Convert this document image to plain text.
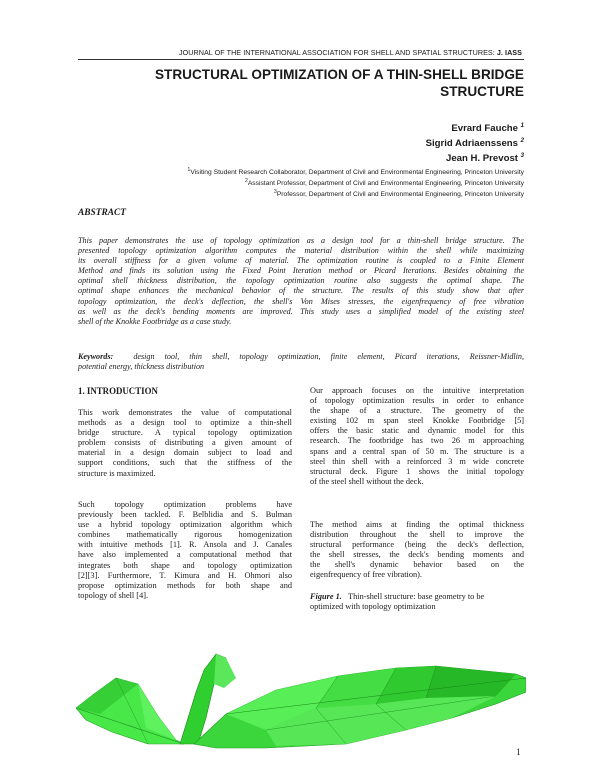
JOURNAL OF THE INTERNATIONAL ASSOCIATION FOR SHELL AND SPATIAL STRUCTURES: J. IASS
STRUCTURAL OPTIMIZATION OF A THIN-SHELL BRIDGE
STRUCTURE
Evrard Fauche $^1$
Sigrid Adriaenssens $^2$
Jean H. Prevost $^3$
$^1$Visiting Student Research Collaborator, Department of Civil and Environmental Engineering, Princeton University
$^2$Assistant Professor, Department of Civil and Environmental Engineering, Princeton University
$^3$Professor, Department of Civil and Environmental Engineering, Princeton University
ABSTRACT
This paper demonstrates the use of topology optimization as a design tool for a thin-shell bridge structure. The
presented topology optimization algorithm computes the material distribution within the shell while maximizing
its overall stiffness for a given volume of material. The optimization routine is coupled to a Finite Element
Method and finds its solution using the Fixed Point Iteration method or Picard Iterations. Besides obtaining the
optimal shell thickness distribution, the topology optimization routine also suggests the optimal shape. The
optimal shape enhances the mechanical behavior of the structure. The results of this study show that after
topology optimization, the deck's deflection, the shell's Von Mises stresses, the eigenfrequency of free vibration
as well as the deck's bending moments are improved. This study uses a simplified model of the existing steel
shell of the Knokke Footbridge as a case study.
Keywords: design tool, thin shell, topology optimization, finite element, Picard iterations, Reissner-Midlin,
potential energy, thickness distribution
1. INTRODUCTION
This work demonstrates the value of computational
methods as a design tool to optimize a thin-shell
bridge structure. A typical topology optimization
problem consists of distributing a given amount of
material in a design domain subject to load and
support conditions, such that the stiffness of the
structure is maximized.
Such topology optimization problems have
previously been tackled. F. Belblidia and S. Bulman
use a hybrid topology optimization algorithm which
combines mathematically rigorous homogenization
with intuitive methods [1]. R. Ansola and J. Canales
have also implemented a computational method that
integrates both shape and topology optimization
[2][3]. Furthermore, T. Kimura and H. Ohmori also
propose optimization methods for both shape and
topology of shell [4].
Our approach focuses on the intuitive interpretation
of topology optimization results in order to enhance
the shape of a structure. The geometry of the
existing 102 m span steel Knokke Footbridge [5]
offers the basic static and dynamic model for this
research. The footbridge has two 26 m approaching
spans and a central span of 50 m. The structure is a
steel thin shell with a reinforced 3 m wide concrete
structural deck. Figure 1 shows the initial topology
of the steel shell without the deck.
The method aims at finding the optimal thickness
distribution throughout the shell to improve the
structural performance (being the deck's deflection,
the shell stresses, the deck's bending moments and
the shell's dynamic behavior based on the
eigenfrequency of free vibration).
Figure 1. Thin-shell structure: base geometry to be
optimized with topology optimization
1
